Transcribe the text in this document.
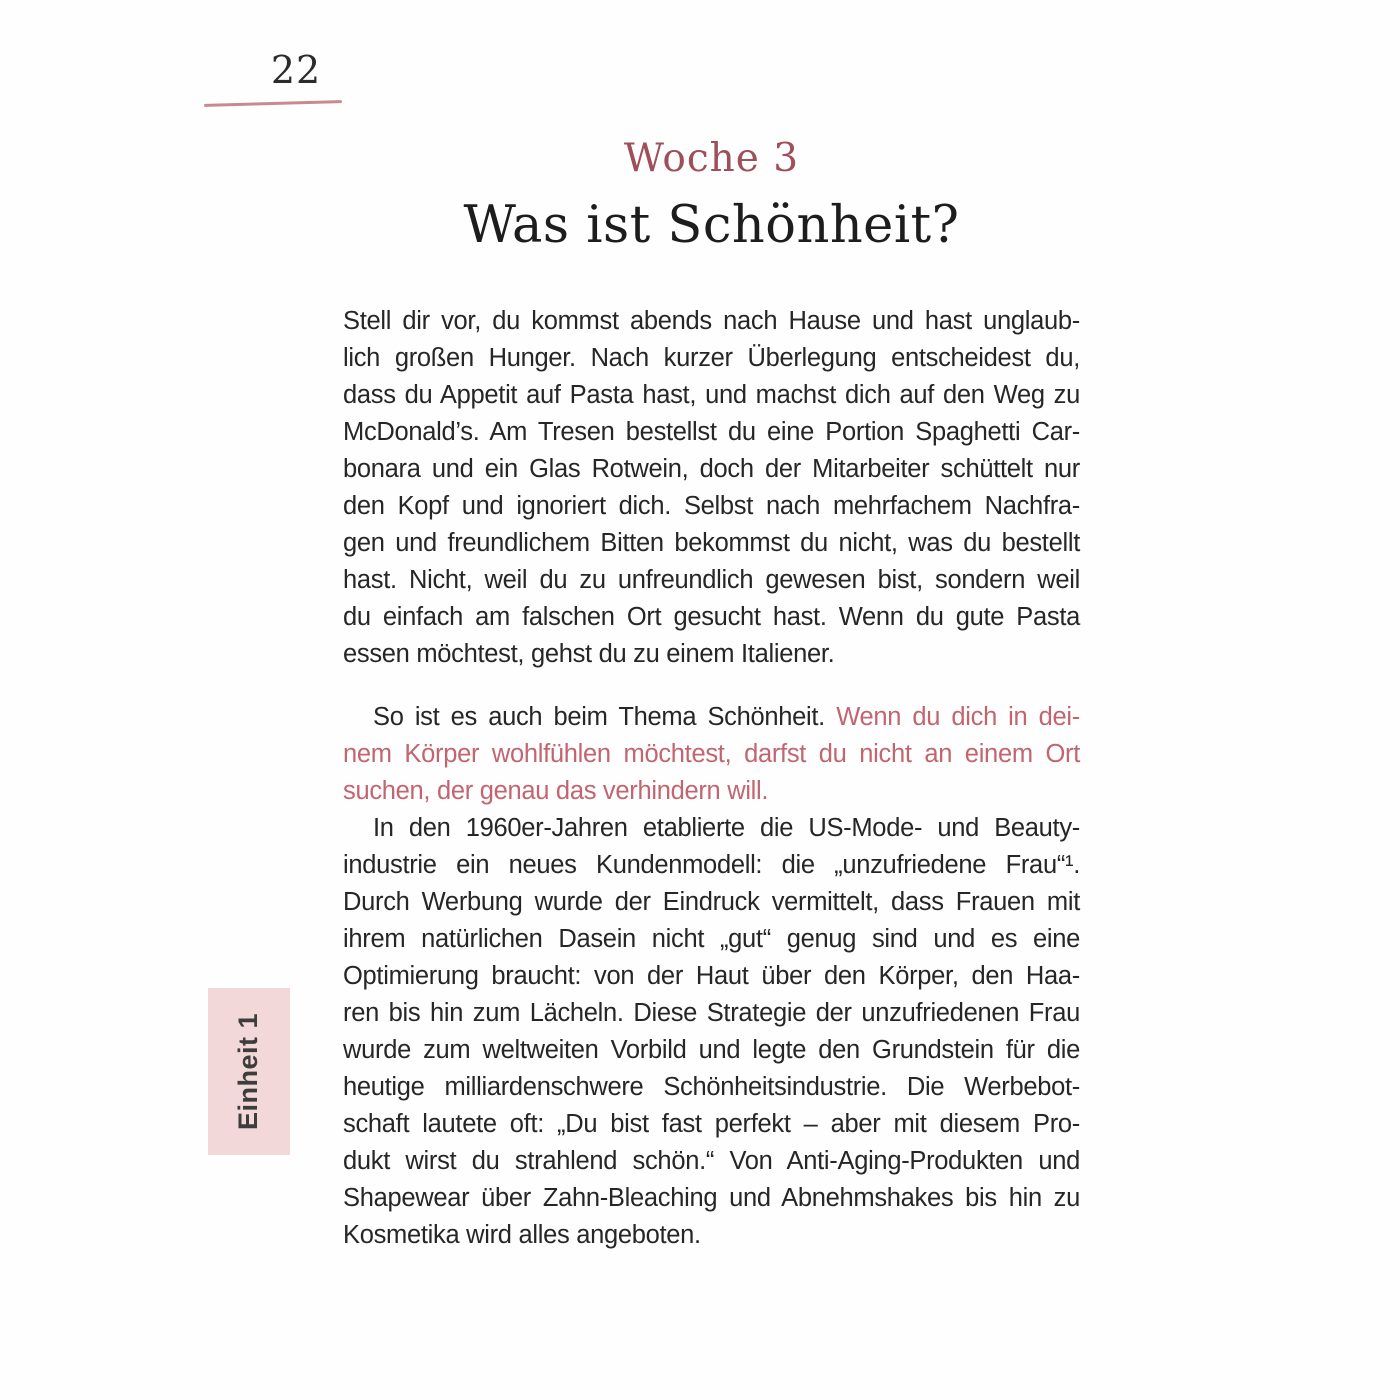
22
Woche 3
Was ist Schönheit?
Stell dir vor, du kommst abends nach Hause und hast unglaub-
lich großen Hunger. Nach kurzer Überlegung entscheidest du,
dass du Appetit auf Pasta hast, und machst dich auf den Weg zu
McDonald’s. Am Tresen bestellst du eine Portion Spaghetti Car-
bonara und ein Glas Rotwein, doch der Mitarbeiter schüttelt nur
den Kopf und ignoriert dich. Selbst nach mehrfachem Nachfra-
gen und freundlichem Bitten bekommst du nicht, was du bestellt
hast. Nicht, weil du zu unfreundlich gewesen bist, sondern weil
du einfach am falschen Ort gesucht hast. Wenn du gute Pasta
essen möchtest, gehst du zu einem Italiener.
So ist es auch beim Thema Schönheit. Wenn du dich in dei-
nem Körper wohlfühlen möchtest, darfst du nicht an einem Ort
suchen, der genau das verhindern will.
In den 1960er-Jahren etablierte die US-Mode- und Beauty-
industrie ein neues Kundenmodell: die „unzufriedene Frau“¹.
Durch Werbung wurde der Eindruck vermittelt, dass Frauen mit
ihrem natürlichen Dasein nicht „gut“ genug sind und es eine
Optimierung braucht: von der Haut über den Körper, den Haa-
ren bis hin zum Lächeln. Diese Strategie der unzufriedenen Frau
wurde zum weltweiten Vorbild und legte den Grundstein für die
heutige milliardenschwere Schönheitsindustrie. Die Werbebot-
schaft lautete oft: „Du bist fast perfekt – aber mit diesem Pro-
dukt wirst du strahlend schön.“ Von Anti-Aging-Produkten und
Shapewear über Zahn-Bleaching und Abnehmshakes bis hin zu
Kosmetika wird alles angeboten.
Einheit 1
